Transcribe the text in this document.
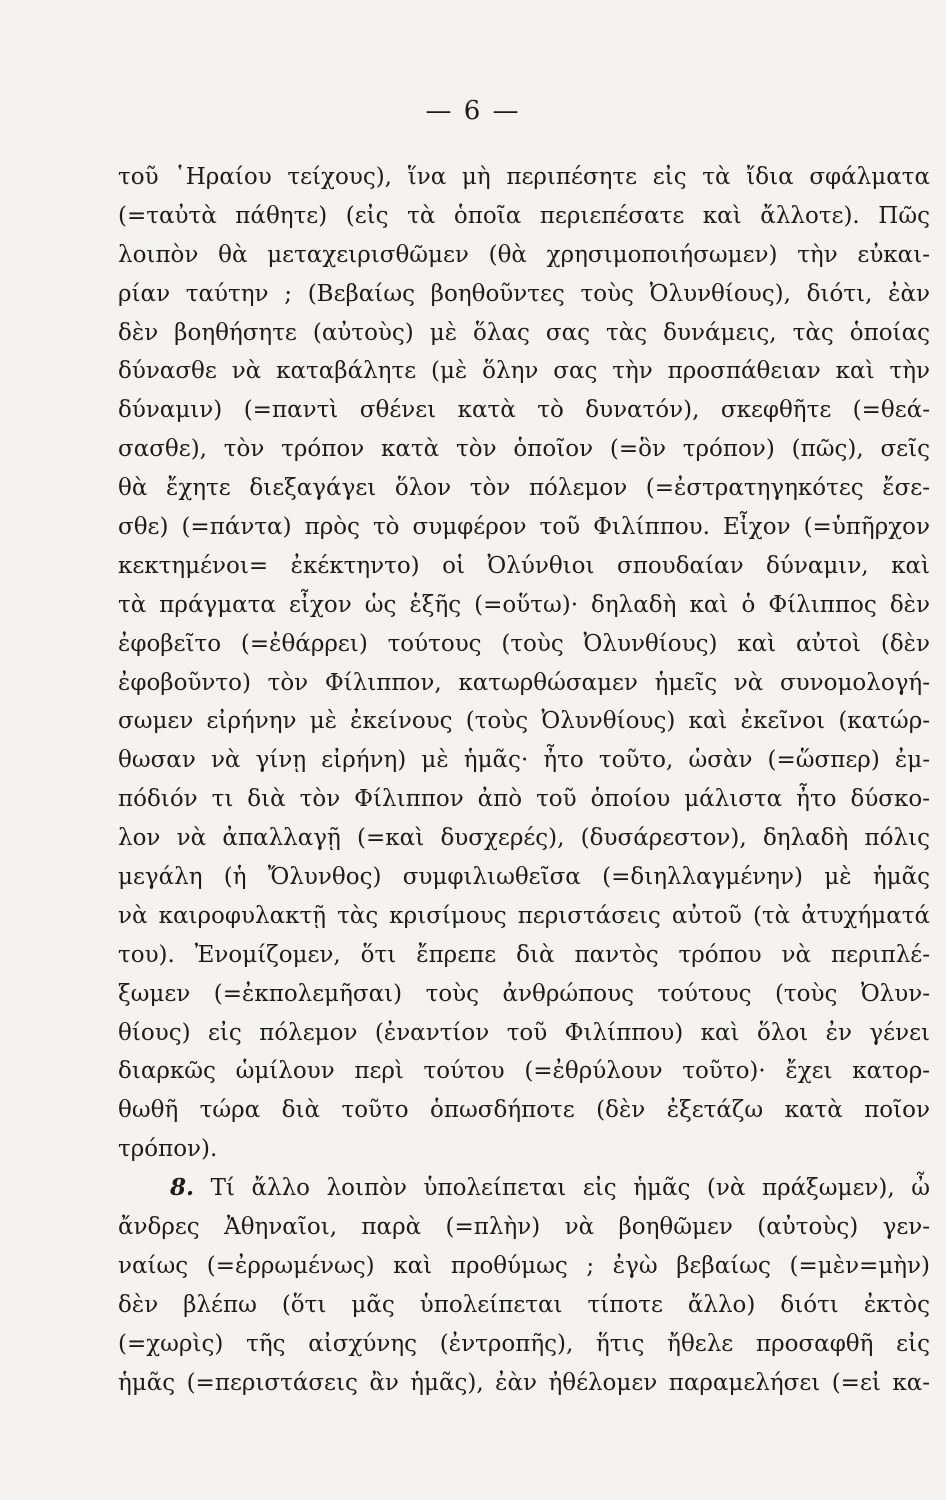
— 6 —
τοῦ ῾Ηραίου τείχους), ἵνα μὴ περιπέσητε εἰς τὰ ἴδια σφάλματα
(=ταὐτὰ πάθητε) (εἰς τὰ ὁποῖα περιεπέσατε καὶ ἄλλοτε). Πῶς
λοιπὸν θὰ μεταχειρισθῶμεν (θὰ χρησιμοποιήσωμεν) τὴν εὐκαι-
ρίαν ταύτην ; (Βεβαίως βοηθοῦντες τοὺς Ὀλυνθίους), διότι, ἐὰν
δὲν βοηθήσητε (αὐτοὺς) μὲ ὅλας σας τὰς δυνάμεις, τὰς ὁποίας
δύνασθε νὰ καταβάλητε (μὲ ὅλην σας τὴν προσπάθειαν καὶ τὴν
δύναμιν) (=παντὶ σθένει κατὰ τὸ δυνατόν), σκεφθῆτε (=θεά-
σασθε), τὸν τρόπον κατὰ τὸν ὁποῖον (=ὃν τρόπον) (πῶς), σεῖς
θὰ ἔχητε διεξαγάγει ὅλον τὸν πόλεμον (=ἐστρατηγηκότες ἔσε-
σθε) (=πάντα) πρὸς τὸ συμφέρον τοῦ Φιλίππου. Εἶχον (=ὑπῆρχον
κεκτημένοι= ἐκέκτηντο) οἱ Ὀλύνθιοι σπουδαίαν δύναμιν, καὶ
τὰ πράγματα εἶχον ὡς ἑξῆς (=οὕτω)· δηλαδὴ καὶ ὁ Φίλιππος δὲν
ἐφοβεῖτο (=ἐθάρρει) τούτους (τοὺς Ὀλυνθίους) καὶ αὐτοὶ (δὲν
ἐφοβοῦντο) τὸν Φίλιππον, κατωρθώσαμεν ἡμεῖς νὰ συνομολογή-
σωμεν εἰρήνην μὲ ἐκείνους (τοὺς Ὀλυνθίους) καὶ ἐκεῖνοι (κατώρ-
θωσαν νὰ γίνῃ εἰρήνη) μὲ ἡμᾶς· ἦτο τοῦτο, ὡσὰν (=ὥσπερ) ἐμ-
πόδιόν τι διὰ τὸν Φίλιππον ἀπὸ τοῦ ὁποίου μάλιστα ἦτο δύσκο-
λον νὰ ἀπαλλαγῇ (=καὶ δυσχερές), (δυσάρεστον), δηλαδὴ πόλις
μεγάλη (ἡ Ὄλυνθος) συμφιλιωθεῖσα (=διηλλαγμένην) μὲ ἡμᾶς
νὰ καιροφυλακτῇ τὰς κρισίμους περιστάσεις αὐτοῦ (τὰ ἀτυχήματά
του). Ἐνομίζομεν, ὅτι ἔπρεπε διὰ παντὸς τρόπου νὰ περιπλέ-
ξωμεν (=ἐκπολεμῆσαι) τοὺς ἀνθρώπους τούτους (τοὺς Ὀλυν-
θίους) εἰς πόλεμον (ἐναντίον τοῦ Φιλίππου) καὶ ὅλοι ἐν γένει
διαρκῶς ὡμίλουν περὶ τούτου (=ἐθρύλουν τοῦτο)· ἔχει κατορ-
θωθῆ τώρα διὰ τοῦτο ὁπωσδήποτε (δὲν ἐξετάζω κατὰ ποῖον
τρόπον).
8. Τί ἄλλο λοιπὸν ὑπολείπεται εἰς ἡμᾶς (νὰ πράξωμεν), ὦ
ἄνδρες Ἀθηναῖοι, παρὰ (=πλὴν) νὰ βοηθῶμεν (αὐτοὺς) γεν-
ναίως (=ἐρρωμένως) καὶ προθύμως ; ἐγὼ βεβαίως (=μὲν=μὴν)
δὲν βλέπω (ὅτι μᾶς ὑπολείπεται τίποτε ἄλλο) διότι ἐκτὸς
(=χωρὶς) τῆς αἰσχύνης (ἐντροπῆς), ἥτις ἤθελε προσαφθῆ εἰς
ἡμᾶς (=περιστάσεις ἂν ἡμᾶς), ἐὰν ἠθέλομεν παραμελήσει (=εἰ κα-
